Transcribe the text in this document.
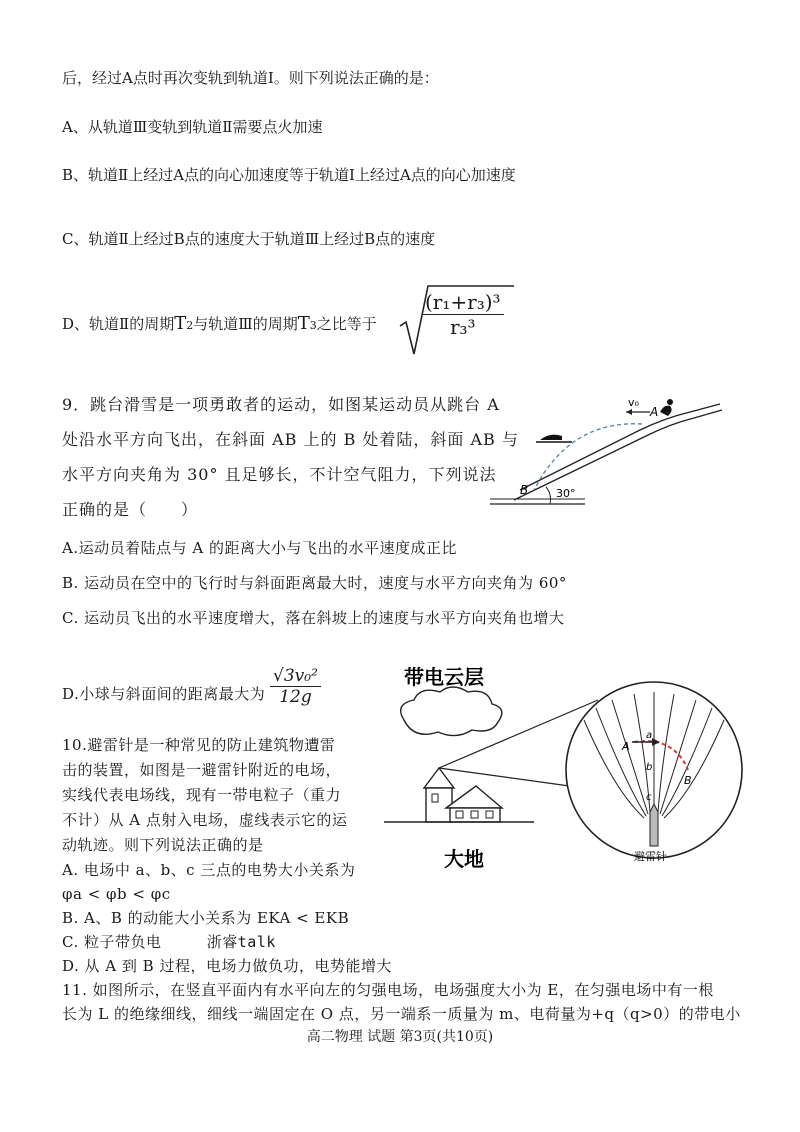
后，经过A点时再次变轨到轨道Ⅰ。则下列说法正确的是：
A、从轨道Ⅲ变轨到轨道Ⅱ需要点火加速
B、轨道Ⅱ上经过A点的向心加速度等于轨道Ⅰ上经过A点的向心加速度
C、轨道Ⅱ上经过B点的速度大于轨道Ⅲ上经过B点的速度
D、轨道Ⅱ的周期T2与轨道Ⅲ的周期T3之比等于 $\frac{\text{(r₁+r₃)³}}{\text{r₃³}}$
9．跳台滑雪是一项勇敢者的运动，如图某运动员从跳台 A
处沿水平方向飞出，在斜面 AB 上的 B 处着陆，斜面 AB 与
水平方向夹角为 30° 且足够长，不计空气阻力，下列说法
正确的是（　　）
v₀
A
B	30°
A.运动员着陆点与 A 的距离大小与飞出的水平速度成正比
B. 运动员在空中的飞行时与斜面距离最大时，速度与水平方向夹角为 60°
C. 运动员飞出的水平速度增大，落在斜坡上的速度与水平方向夹角也增大
D.小球与斜面间的距离最大为 $\frac{\text{√3v₀²}}{12g}$
10.避雷针是一种常见的防止建筑物遭雷
击的装置，如图是一避雷针附近的电场，
实线代表电场线，现有一带电粒子（重力
不计）从 A 点射入电场，虚线表示它的运
动轨迹。则下列说法正确的是
A. 电场中 a、b、c 三点的电势大小关系为
φa < φb < φc
B. A、B 的动能大小关系为 EKA < EKB
C. 粒子带负电	浙睿talk
D. 从 A 到 B 过程，电场力做负功，电势能增大
带电云层
大地
a
b
c
A
B
避雷针
11. 如图所示，在竖直平面内有水平向左的匀强电场，电场强度大小为 E，在匀强电场中有一根
长为 L 的绝缘细线，细线一端固定在 O 点，另一端系一质量为 m、电荷量为+q（q>0）的带电小
高二物理 试题 第3页(共10页)
